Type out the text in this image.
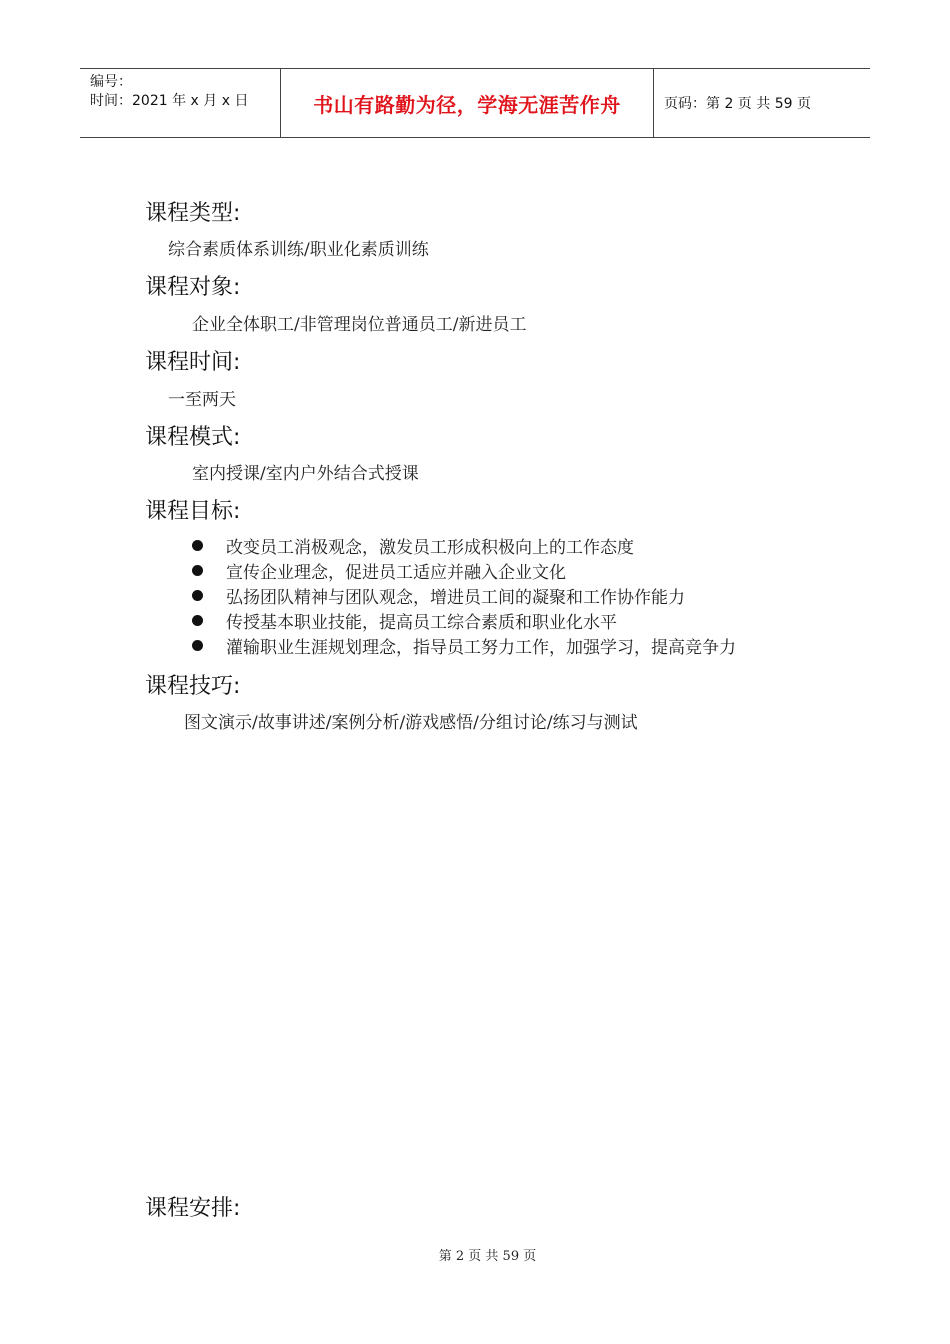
编号：
时间：2021 年 x 月 x 日	书山有路勤为径，学海无涯苦作舟	页码：第 2 页 共 59 页
课程类型:
综合素质体系训练/职业化素质训练
课程对象:
企业全体职工/非管理岗位普通员工/新进员工
课程时间:
一至两天
课程模式:
室内授课/室内户外结合式授课
课程目标:
改变员工消极观念，激发员工形成积极向上的工作态度
宣传企业理念，促进员工适应并融入企业文化
弘扬团队精神与团队观念，增进员工间的凝聚和工作协作能力
传授基本职业技能，提高员工综合素质和职业化水平
灌输职业生涯规划理念，指导员工努力工作，加强学习，提高竞争力
课程技巧:
图文演示/故事讲述/案例分析/游戏感悟/分组讨论/练习与测试
课程安排:
第 2 页 共 59 页
